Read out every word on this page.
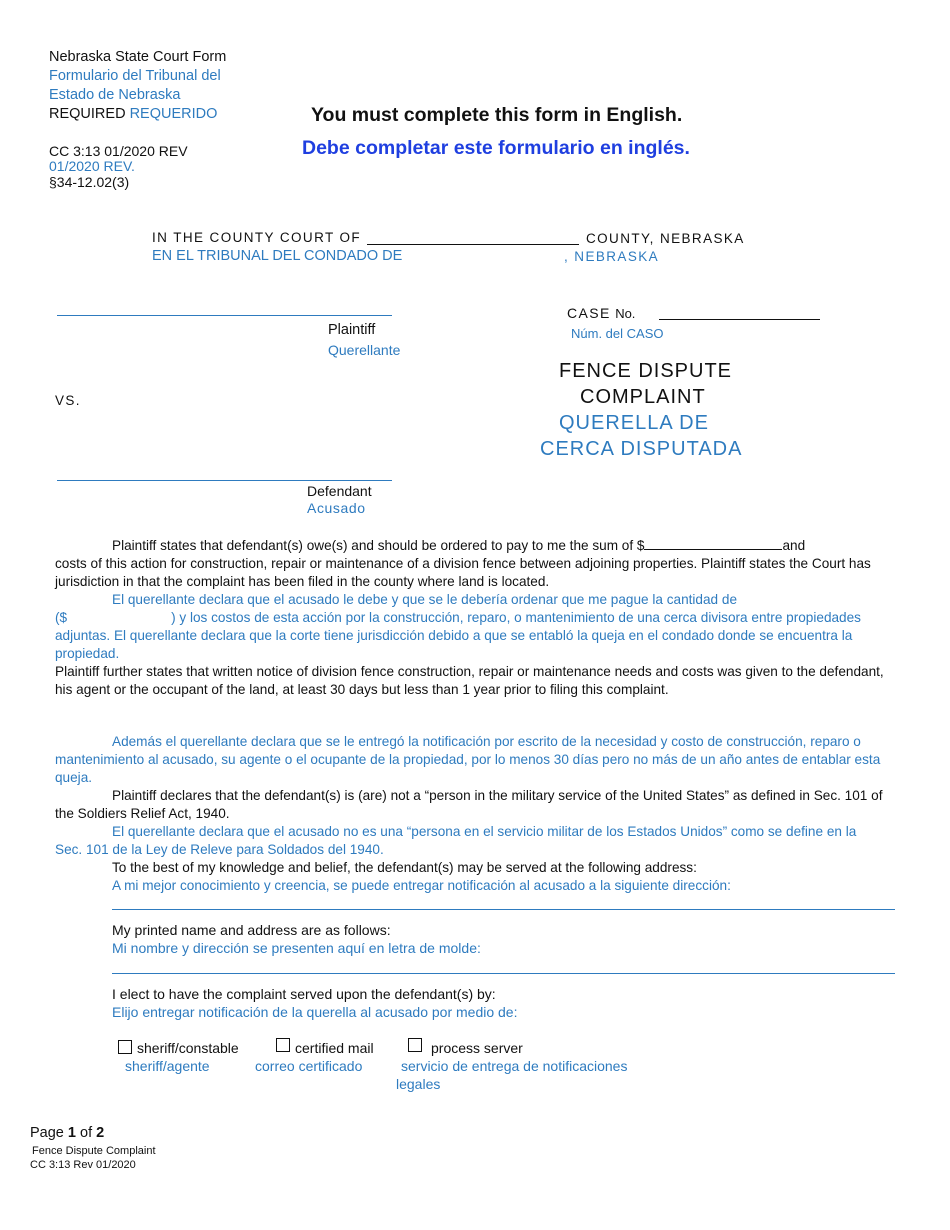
Nebraska State Court Form
Formulario del Tribunal del
Estado de Nebraska
REQUIRED REQUERIDO
CC 3:13 01/2020 REV
01/2020 REV.
§34-12.02(3)
You must complete this form in English.
Debe completar este formulario en inglés.
IN THE COUNTY COURT OF
EN EL TRIBUNAL DEL CONDADO DE
COUNTY, NEBRASKA
, NEBRASKA
Plaintiff
Querellante
VS.
Defendant
Acusado
CASE No.
Núm. del CASO
FENCE DISPUTE
COMPLAINT
QUERELLA DE
CERCA DISPUTADA

Plaintiff states that defendant(s) owe(s) and should be ordered to pay to me the sum of $	and

costs of this action for construction, repair or maintenance of a division fence between adjoining properties. Plaintiff states the Court has jurisdiction in that the complaint has been filed in the county where land is located.

El querellante declara que el acusado le debe y que se le debería ordenar que me pague la cantidad de

($	) y los costos de esta acción por la construcción, reparo, o mantenimiento de una cerca divisora entre propiedades adjuntas. El querellante declara que la corte tiene jurisdicción debido a que se entabló la queja en el condado donde se encuentra la propiedad.

Plaintiff further states that written notice of division fence construction, repair or maintenance needs and costs was given to the defendant, his agent or the occupant of the land, at least 30 days but less than 1 year prior to filing this complaint.

Además el querellante declara que se le entregó la notificación por escrito de la necesidad y costo de construcción, reparo o mantenimiento al acusado, su agente o el ocupante de la propiedad, por lo menos 30 días pero no más de un año antes de entablar esta queja.

Plaintiff declares that the defendant(s) is (are) not a “person in the military service of the United States” as defined in Sec. 101 of the Soldiers Relief Act, 1940.

El querellante declara que el acusado no es una “persona en el servicio militar de los Estados Unidos” como se define en la Sec. 101 de la Ley de Releve para Soldados del 1940.

To the best of my knowledge and belief, the defendant(s) may be served at the following address:

A mi mejor conocimiento y creencia, se puede entregar notificación al acusado a la siguiente dirección:

My printed name and address are as follows:
Mi nombre y dirección se presenten aquí en letra de molde:
I elect to have the complaint served upon the defendant(s) by:
Elijo entregar notificación de la querella al acusado por medio de:
sheriff/constable
sheriff/agente
certified mail
correo certificado
process server
servicio de entrega de notificaciones
legales
Page 1 of 2
Fence Dispute Complaint
CC 3:13 Rev 01/2020
